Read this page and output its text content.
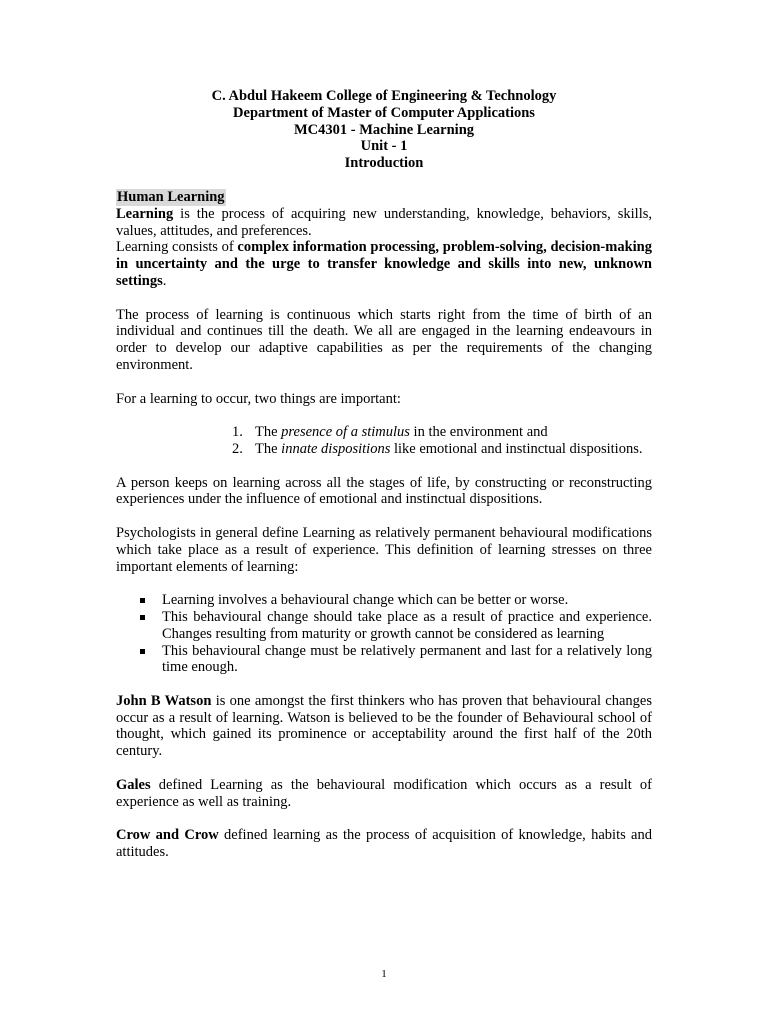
C. Abdul Hakeem College of Engineering & Technology
Department of Master of Computer Applications
MC4301 - Machine Learning
Unit - 1
Introduction
Human Learning

Learning is the process of acquiring new understanding, knowledge, behaviors, skills, values, attitudes, and preferences.

Learning consists of complex information processing, problem-solving, decision-making in uncertainty and the urge to transfer knowledge and skills into new, unknown settings.

The process of learning is continuous which starts right from the time of birth of an individual and continues till the death. We all are engaged in the learning endeavours in order to develop our adaptive capabilities as per the requirements of the changing environment.

For a learning to occur, two things are important:

1. The presence of a stimulus in the environment and
2. The innate dispositions like emotional and instinctual dispositions.

A person keeps on learning across all the stages of life, by constructing or reconstructing experiences under the influence of emotional and instinctual dispositions.

Psychologists in general define Learning as relatively permanent behavioural modifications which take place as a result of experience. This definition of learning stresses on three important elements of learning:

Learning involves a behavioural change which can be better or worse.
This behavioural change should take place as a result of practice and experience. Changes resulting from maturity or growth cannot be considered as learning
This behavioural change must be relatively permanent and last for a relatively long time enough.

John B Watson is one amongst the first thinkers who has proven that behavioural changes occur as a result of learning. Watson is believed to be the founder of Behavioural school of thought, which gained its prominence or acceptability around the first half of the 20th century.

Gales defined Learning as the behavioural modification which occurs as a result of experience as well as training.

Crow and Crow defined learning as the process of acquisition of knowledge, habits and attitudes.

1
